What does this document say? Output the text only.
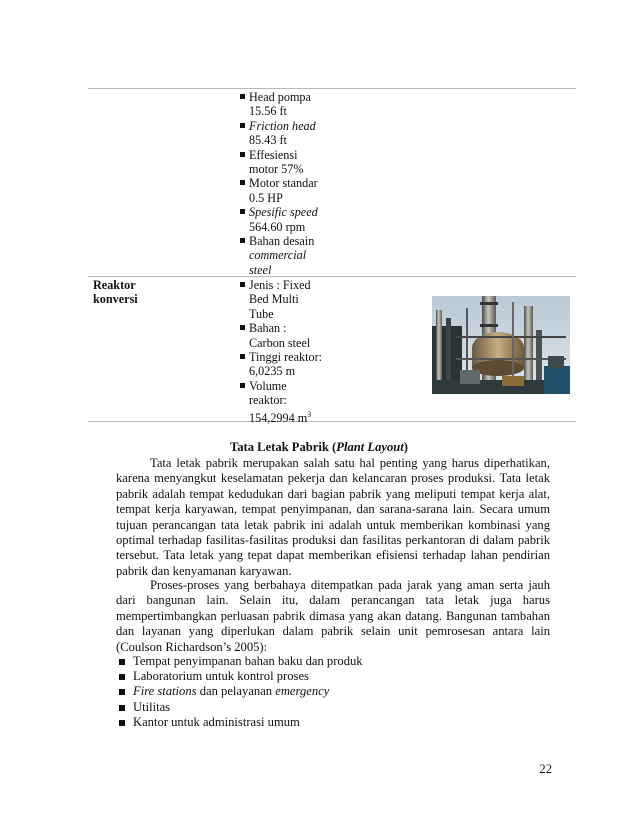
Head pompa
15.56 ft
Friction head
85.43 ft
Effesiensi
motor 57%
Motor standar
0.5 HP
Spesific speed
564.60 rpm
Bahan desain
commercial
steel
Reaktor konversi
Jenis : Fixed
Bed Multi
Tube
Bahan :
Carbon steel
Tinggi reaktor:
6,0235 m
Volume
reaktor:
154,2994 $m^3$
Tata Letak Pabrik (Plant Layout)

Tata letak pabrik merupakan salah satu hal penting yang harus diperhatikan, karena menyangkut keselamatan pekerja dan kelancaran proses produksi. Tata letak pabrik adalah tempat kedudukan dari bagian pabrik yang meliputi tempat kerja alat, tempat kerja karyawan, tempat penyimpanan, dan sarana-sarana lain. Secara umum tujuan perancangan tata letak pabrik ini adalah untuk memberikan kombinasi yang optimal terhadap fasilitas-fasilitas produksi dan fasilitas perkantoran di dalam pabrik tersebut. Tata letak yang tepat dapat memberikan efisiensi terhadap lahan pendirian pabrik dan kenyamanan karyawan.

Proses-proses yang berbahaya ditempatkan pada jarak yang aman serta jauh dari bangunan lain. Selain itu, dalam perancangan tata letak juga harus mempertimbangkan perluasan pabrik dimasa yang akan datang. Bangunan tambahan dan layanan yang diperlukan dalam pabrik selain unit pemrosesan antara lain (Coulson Richardson’s 2005):

Tempat penyimpanan bahan baku dan produk
Laboratorium untuk kontrol proses
Fire stations dan pelayanan emergency
Utilitas
Kantor untuk administrasi umum
22
